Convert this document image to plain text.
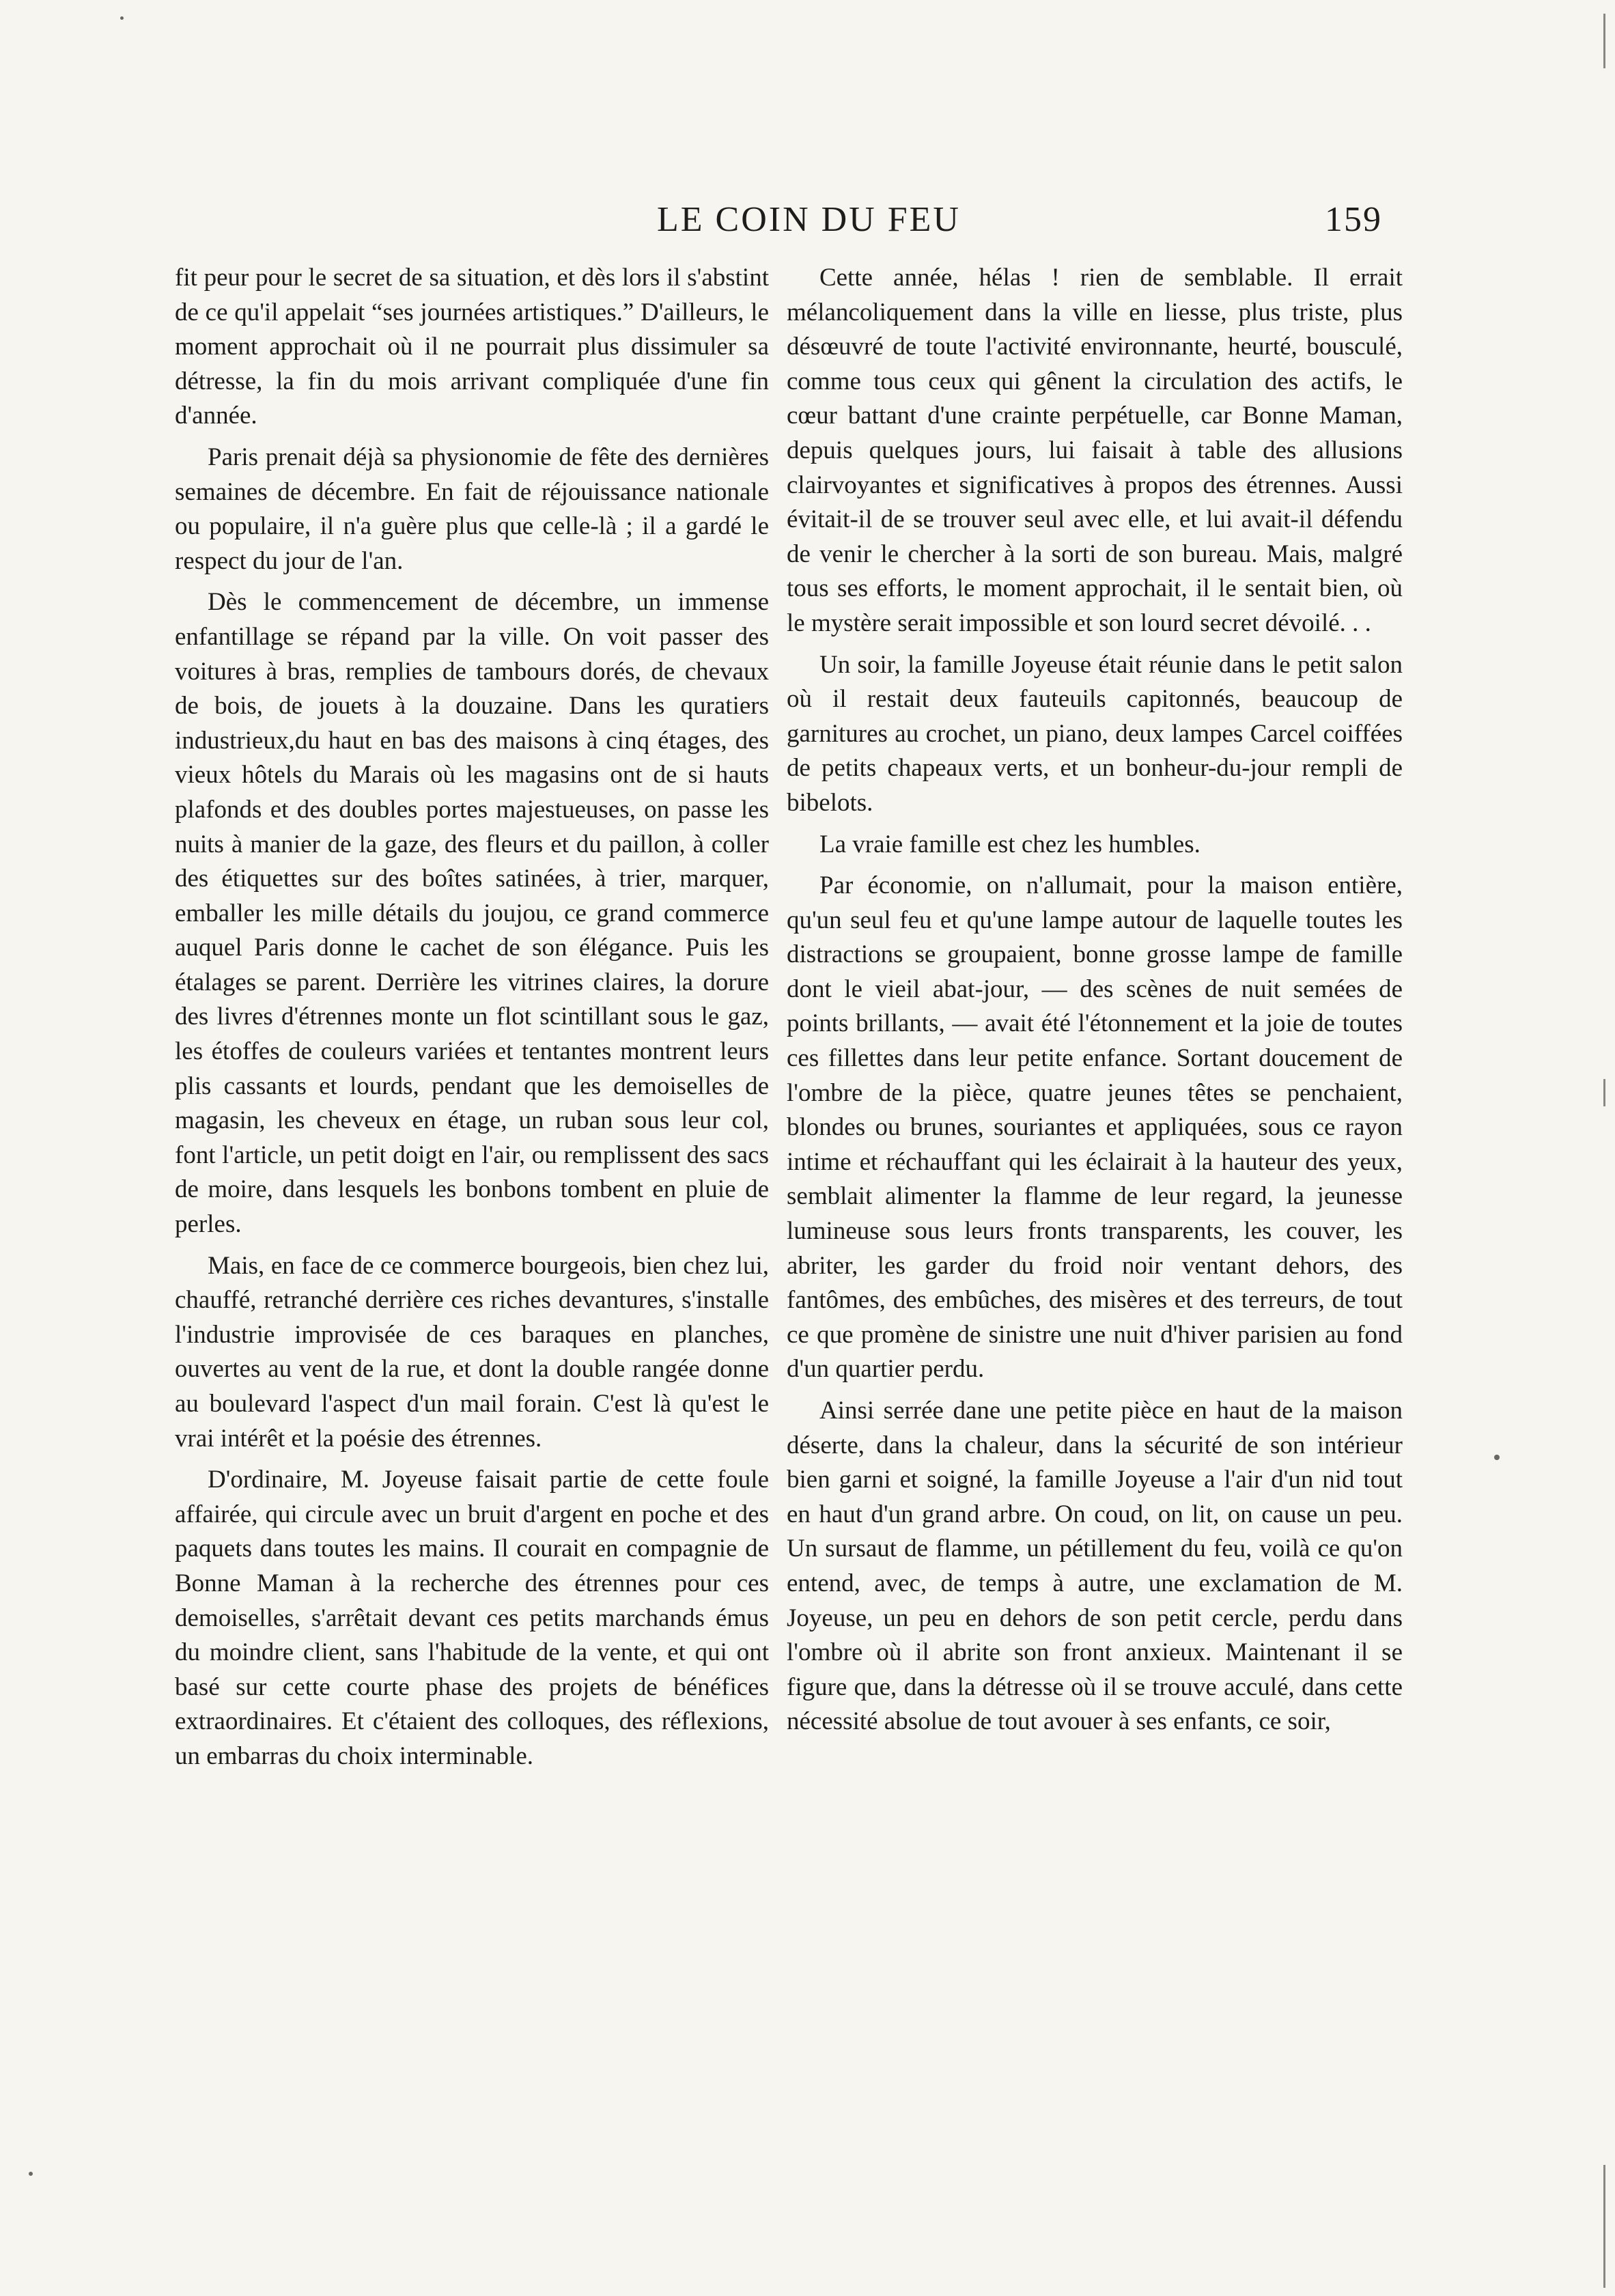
LE COIN DU FEU	159

fit peur pour le secret de sa situation, et dès lors il s'abstint de ce qu'il appelait “ses journées artistiques.” D'ailleurs, le moment approchait où il ne pourrait plus dissimuler sa détresse, la fin du mois arrivant compliquée d'une fin d'année.

Paris prenait déjà sa physionomie de fête des dernières semaines de décembre. En fait de réjouissance nationale ou populaire, il n'a guère plus que celle-là ; il a gardé le respect du jour de l'an.

Dès le commencement de décembre, un immense enfantillage se répand par la ville. On voit passer des voitures à bras, remplies de tambours dorés, de chevaux de bois, de jouets à la douzaine. Dans les quratiers industrieux,du haut en bas des maisons à cinq étages, des vieux hôtels du Marais où les magasins ont de si hauts plafonds et des doubles portes majestueuses, on passe les nuits à manier de la gaze, des fleurs et du paillon, à coller des étiquettes sur des boîtes satinées, à trier, marquer, emballer les mille détails du joujou, ce grand commerce auquel Paris donne le cachet de son élégance. Puis les étalages se parent. Derrière les vitrines claires, la dorure des livres d'étrennes monte un flot scintillant sous le gaz, les étoffes de couleurs variées et tentantes montrent leurs plis cassants et lourds, pendant que les demoiselles de magasin, les cheveux en étage, un ruban sous leur col, font l'article, un petit doigt en l'air, ou remplissent des sacs de moire, dans lesquels les bonbons tombent en pluie de perles.

Mais, en face de ce commerce bourgeois, bien chez lui, chauffé, retranché derrière ces riches devantures, s'installe l'industrie improvisée de ces baraques en planches, ouvertes au vent de la rue, et dont la double rangée donne au boulevard l'aspect d'un mail forain. C'est là qu'est le vrai intérêt et la poésie des étrennes.

D'ordinaire, M. Joyeuse faisait partie de cette foule affairée, qui circule avec un bruit d'argent en poche et des paquets dans toutes les mains. Il courait en compagnie de Bonne Maman à la recherche des étrennes pour ces demoiselles, s'arrêtait devant ces petits marchands émus du moindre client, sans l'habitude de la vente, et qui ont basé sur cette courte phase des projets de bénéfices extraordinaires. Et c'étaient des colloques, des réflexions, un embarras du choix interminable.

Cette année, hélas ! rien de semblable. Il errait mélancoliquement dans la ville en liesse, plus triste, plus désœuvré de toute l'activité environnante, heurté, bousculé, comme tous ceux qui gênent la circulation des actifs, le cœur battant d'une crainte perpétuelle, car Bonne Maman, depuis quelques jours, lui faisait à table des allusions clairvoyantes et significatives à propos des étrennes. Aussi évitait-il de se trouver seul avec elle, et lui avait-il défendu de venir le chercher à la sorti de son bureau. Mais, malgré tous ses efforts, le moment approchait, il le sentait bien, où le mystère serait impossible et son lourd secret dévoilé. . .

Un soir, la famille Joyeuse était réunie dans le petit salon où il restait deux fauteuils capitonnés, beaucoup de garnitures au crochet, un piano, deux lampes Carcel coiffées de petits chapeaux verts, et un bonheur-du-jour rempli de bibelots.

La vraie famille est chez les humbles.

Par économie, on n'allumait, pour la maison entière, qu'un seul feu et qu'une lampe autour de laquelle toutes les distractions se groupaient, bonne grosse lampe de famille dont le vieil abat-jour, — des scènes de nuit semées de points brillants, — avait été l'étonnement et la joie de toutes ces fillettes dans leur petite enfance. Sortant doucement de l'ombre de la pièce, quatre jeunes têtes se penchaient, blondes ou brunes, souriantes et appliquées, sous ce rayon intime et réchauffant qui les éclairait à la hauteur des yeux, semblait alimenter la flamme de leur regard, la jeunesse lumineuse sous leurs fronts transparents, les couver, les abriter, les garder du froid noir ventant dehors, des fantômes, des embûches, des misères et des terreurs, de tout ce que promène de sinistre une nuit d'hiver parisien au fond d'un quartier perdu.

Ainsi serrée dane une petite pièce en haut de la maison déserte, dans la chaleur, dans la sécurité de son intérieur bien garni et soigné, la famille Joyeuse a l'air d'un nid tout en haut d'un grand arbre. On coud, on lit, on cause un peu. Un sursaut de flamme, un pétillement du feu, voilà ce qu'on entend, avec, de temps à autre, une exclamation de M. Joyeuse, un peu en dehors de son petit cercle, perdu dans l'ombre où il abrite son front anxieux. Maintenant il se figure que, dans la détresse où il se trouve acculé, dans cette nécessité absolue de tout avouer à ses enfants, ce soir,
